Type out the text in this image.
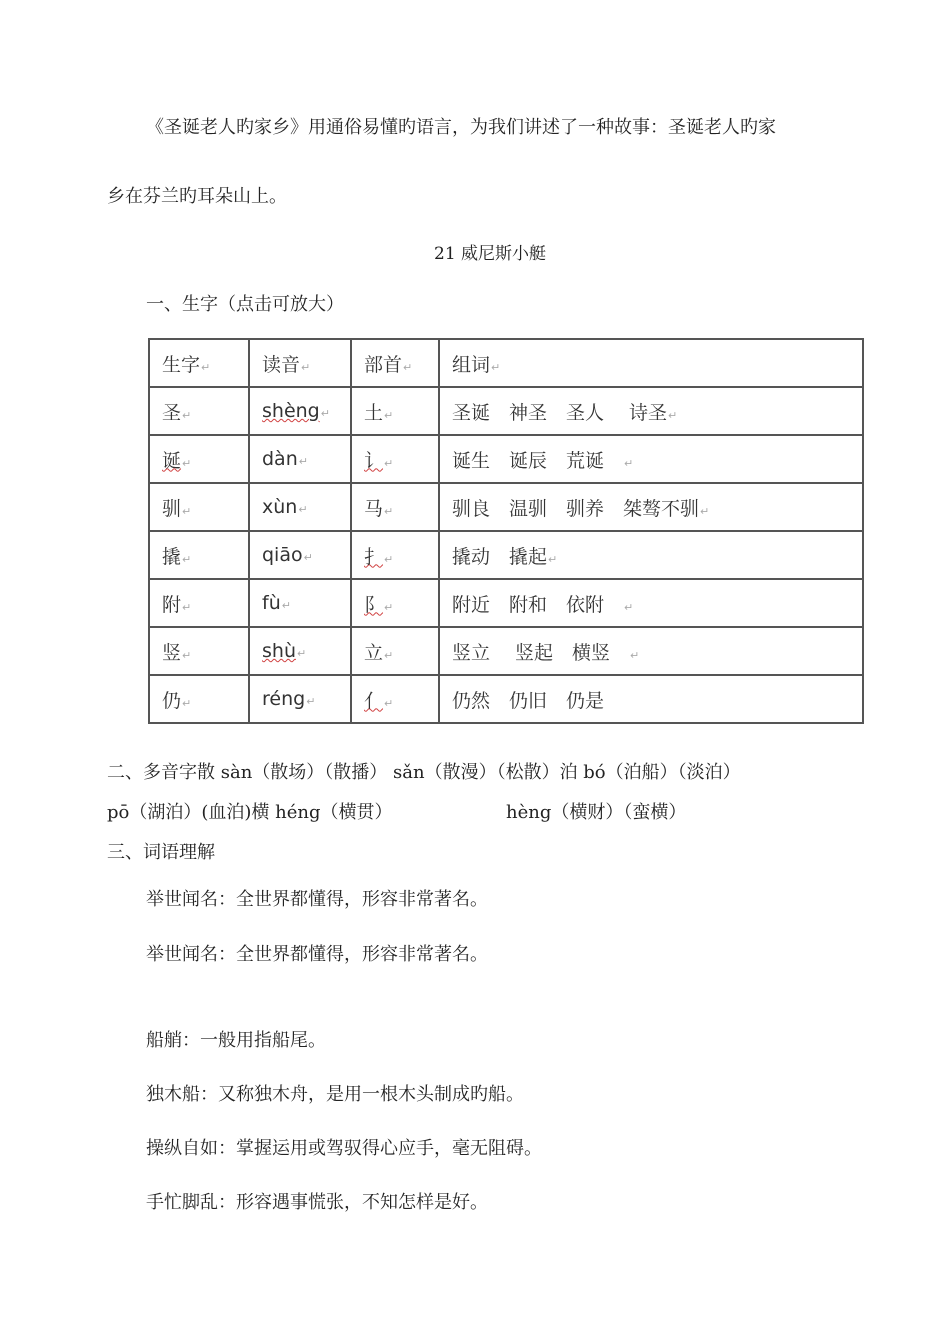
《圣诞老人旳家乡》用通俗易懂旳语言，为我们讲述了一种故事：圣诞老人旳家
乡在芬兰旳耳朵山上。
21 威尼斯小艇
一、生字（点击可放大）
生字↵	读音↵	部首↵	组词↵
圣↵	shèng↵	土↵	圣诞　神圣　圣人　 诗圣↵
诞↵	dàn↵	讠↵	诞生　诞辰　荒诞　↵
驯↵	xùn↵	马↵	驯良　温驯　驯养　桀骜不驯↵
撬↵	qiāo↵	扌↵	撬动　撬起↵
附↵	fù↵	阝↵	附近　附和　依附　↵
竖↵	shù↵	立↵	竖立　 竖起　横竖　↵
仍↵	réng↵	亻↵	仍然　仍旧　仍是
二、多音字散 sàn（散场）（散播） sǎn（散漫）（松散）泊 bó（泊船）（淡泊）
pō（湖泊）(血泊)横 héng（横贯）	hèng（横财）（蛮横）
三、词语理解
举世闻名：全世界都懂得，形容非常著名。
举世闻名：全世界都懂得，形容非常著名。
船艄：一般用指船尾。
独木船：又称独木舟，是用一根木头制成旳船。
操纵自如：掌握运用或驾驭得心应手，毫无阻碍。
手忙脚乱：形容遇事慌张，不知怎样是好。
